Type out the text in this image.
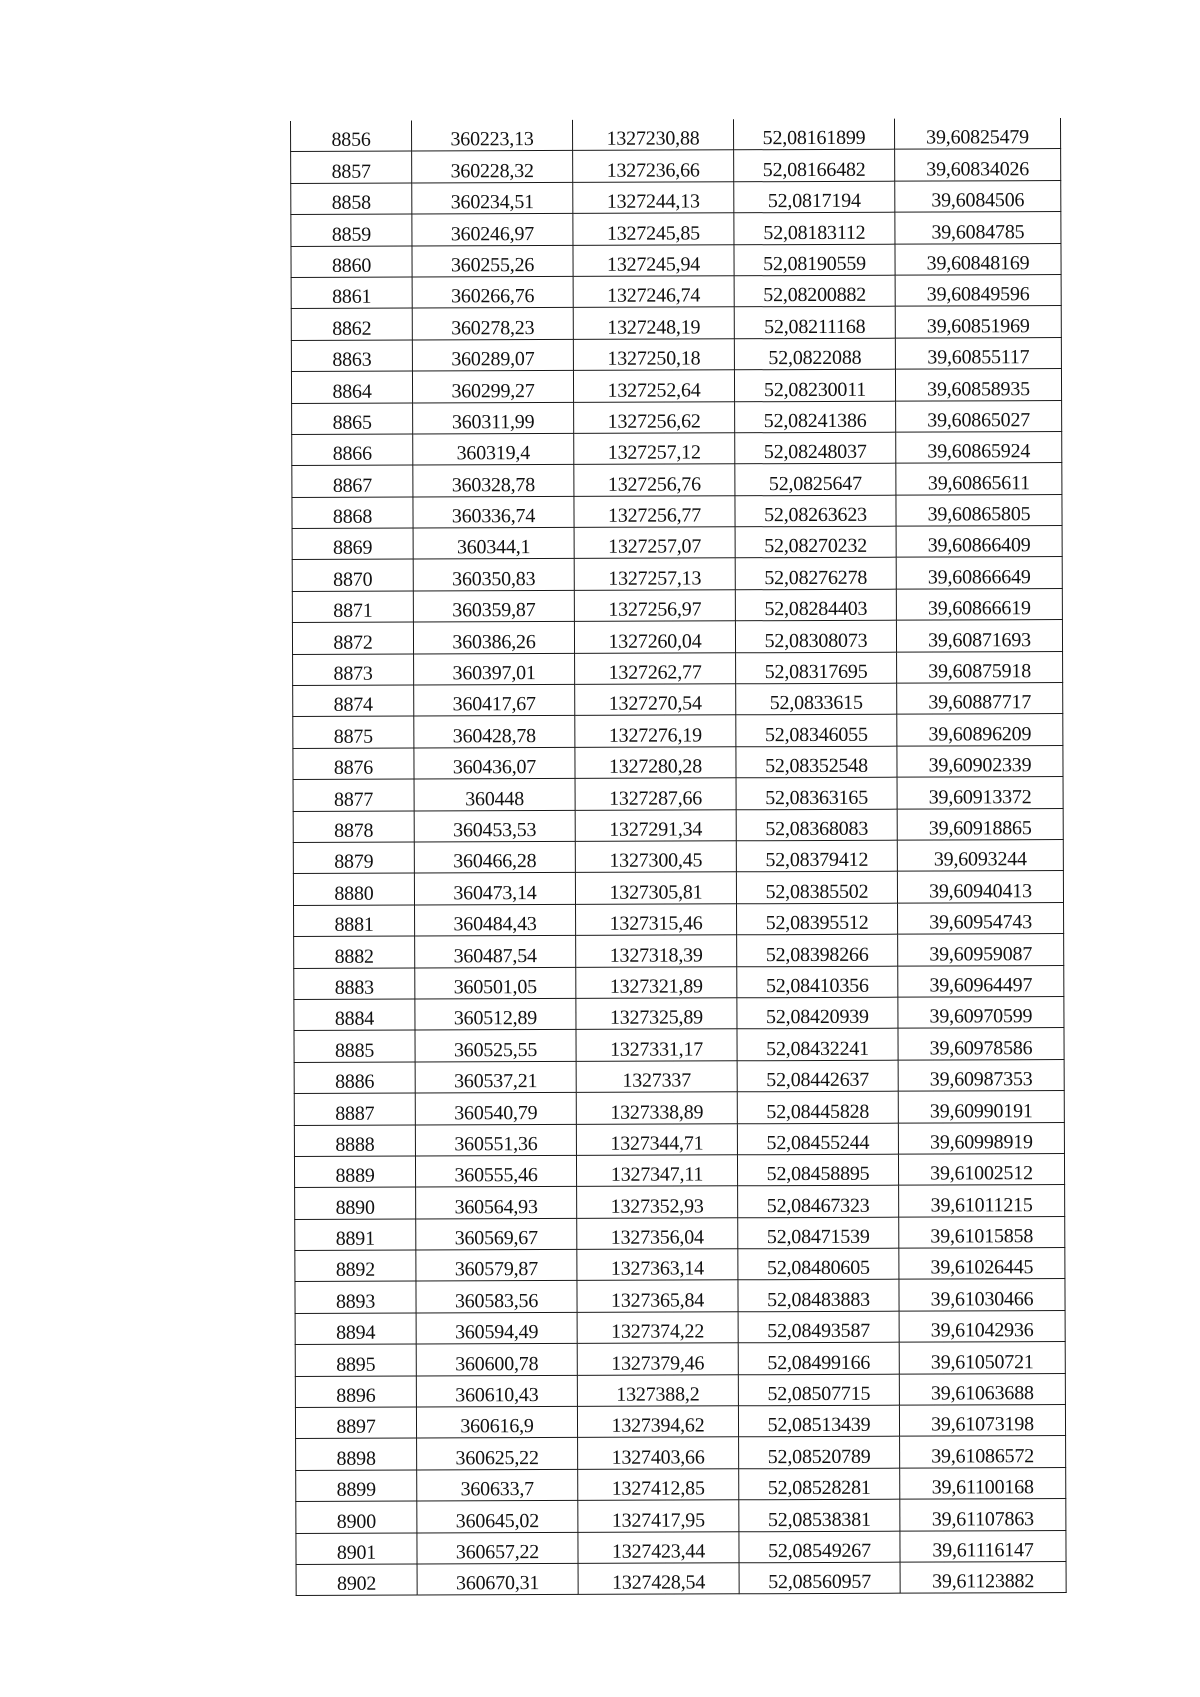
8856	360223,13	1327230,88	52,08161899	39,60825479
8857	360228,32	1327236,66	52,08166482	39,60834026
8858	360234,51	1327244,13	52,0817194	39,6084506
8859	360246,97	1327245,85	52,08183112	39,6084785
8860	360255,26	1327245,94	52,08190559	39,60848169
8861	360266,76	1327246,74	52,08200882	39,60849596
8862	360278,23	1327248,19	52,08211168	39,60851969
8863	360289,07	1327250,18	52,0822088	39,60855117
8864	360299,27	1327252,64	52,08230011	39,60858935
8865	360311,99	1327256,62	52,08241386	39,60865027
8866	360319,4	1327257,12	52,08248037	39,60865924
8867	360328,78	1327256,76	52,0825647	39,60865611
8868	360336,74	1327256,77	52,08263623	39,60865805
8869	360344,1	1327257,07	52,08270232	39,60866409
8870	360350,83	1327257,13	52,08276278	39,60866649
8871	360359,87	1327256,97	52,08284403	39,60866619
8872	360386,26	1327260,04	52,08308073	39,60871693
8873	360397,01	1327262,77	52,08317695	39,60875918
8874	360417,67	1327270,54	52,0833615	39,60887717
8875	360428,78	1327276,19	52,08346055	39,60896209
8876	360436,07	1327280,28	52,08352548	39,60902339
8877	360448	1327287,66	52,08363165	39,60913372
8878	360453,53	1327291,34	52,08368083	39,60918865
8879	360466,28	1327300,45	52,08379412	39,6093244
8880	360473,14	1327305,81	52,08385502	39,60940413
8881	360484,43	1327315,46	52,08395512	39,60954743
8882	360487,54	1327318,39	52,08398266	39,60959087
8883	360501,05	1327321,89	52,08410356	39,60964497
8884	360512,89	1327325,89	52,08420939	39,60970599
8885	360525,55	1327331,17	52,08432241	39,60978586
8886	360537,21	1327337	52,08442637	39,60987353
8887	360540,79	1327338,89	52,08445828	39,60990191
8888	360551,36	1327344,71	52,08455244	39,60998919
8889	360555,46	1327347,11	52,08458895	39,61002512
8890	360564,93	1327352,93	52,08467323	39,61011215
8891	360569,67	1327356,04	52,08471539	39,61015858
8892	360579,87	1327363,14	52,08480605	39,61026445
8893	360583,56	1327365,84	52,08483883	39,61030466
8894	360594,49	1327374,22	52,08493587	39,61042936
8895	360600,78	1327379,46	52,08499166	39,61050721
8896	360610,43	1327388,2	52,08507715	39,61063688
8897	360616,9	1327394,62	52,08513439	39,61073198
8898	360625,22	1327403,66	52,08520789	39,61086572
8899	360633,7	1327412,85	52,08528281	39,61100168
8900	360645,02	1327417,95	52,08538381	39,61107863
8901	360657,22	1327423,44	52,08549267	39,61116147
8902	360670,31	1327428,54	52,08560957	39,61123882
